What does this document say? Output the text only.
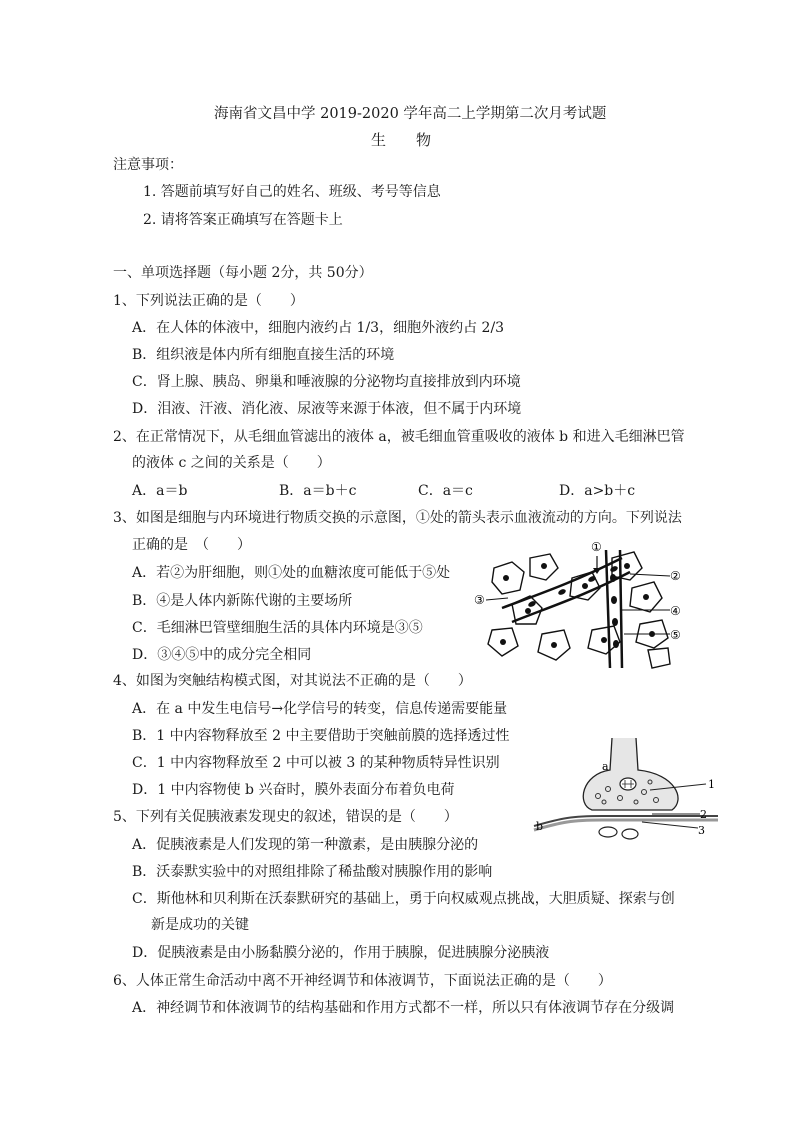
海南省文昌中学 2019-2020 学年高二上学期第二次月考试题
生　　物
注意事项：
1. 答题前填写好自己的姓名、班级、考号等信息
2. 请将答案正确填写在答题卡上
一、单项选择题（每小题 2分，共 50分）
1、下列说法正确的是（　　）
A．在人体的体液中，细胞内液约占 1/3，细胞外液约占 2/3
B．组织液是体内所有细胞直接生活的环境
C．肾上腺、胰岛、卵巢和唾液腺的分泌物均直接排放到内环境
D．泪液、汗液、消化液、尿液等来源于体液，但不属于内环境
2、在正常情况下，从毛细血管滤出的液体 a，被毛细血管重吸收的液体 b 和进入毛细淋巴管
的液体 c 之间的关系是（　　）
A．a＝b	B．a＝b＋c	C．a＝c	D．a>b＋c
3、如图是细胞与内环境进行物质交换的示意图，①处的箭头表示血液流动的方向。下列说法
正确的是　（　　）
A．若②为肝细胞，则①处的血糖浓度可能低于⑤处
B．④是人体内新陈代谢的主要场所
C．毛细淋巴管壁细胞生活的具体内环境是③⑤
D．③④⑤中的成分完全相同
①
②
③
④
⑤
4、如图为突触结构模式图，对其说法不正确的是（　　）
A．在 a 中发生电信号→化学信号的转变，信息传递需要能量
B．1 中内容物释放至 2 中主要借助于突触前膜的选择透过性
C．1 中内容物释放至 2 中可以被 3 的某种物质特异性识别
D．1 中内容物使 b 兴奋时，膜外表面分布着负电荷
a
b
1
2
3
5、下列有关促胰液素发现史的叙述，错误的是（　　）
A．促胰液素是人们发现的第一种激素，是由胰腺分泌的
B．沃泰默实验中的对照组排除了稀盐酸对胰腺作用的影响
C．斯他林和贝利斯在沃泰默研究的基础上，勇于向权威观点挑战，大胆质疑、探索与创
新是成功的关键
D．促胰液素是由小肠黏膜分泌的，作用于胰腺，促进胰腺分泌胰液
6、人体正常生命活动中离不开神经调节和体液调节，下面说法正确的是（　　）
A．神经调节和体液调节的结构基础和作用方式都不一样，所以只有体液调节存在分级调
